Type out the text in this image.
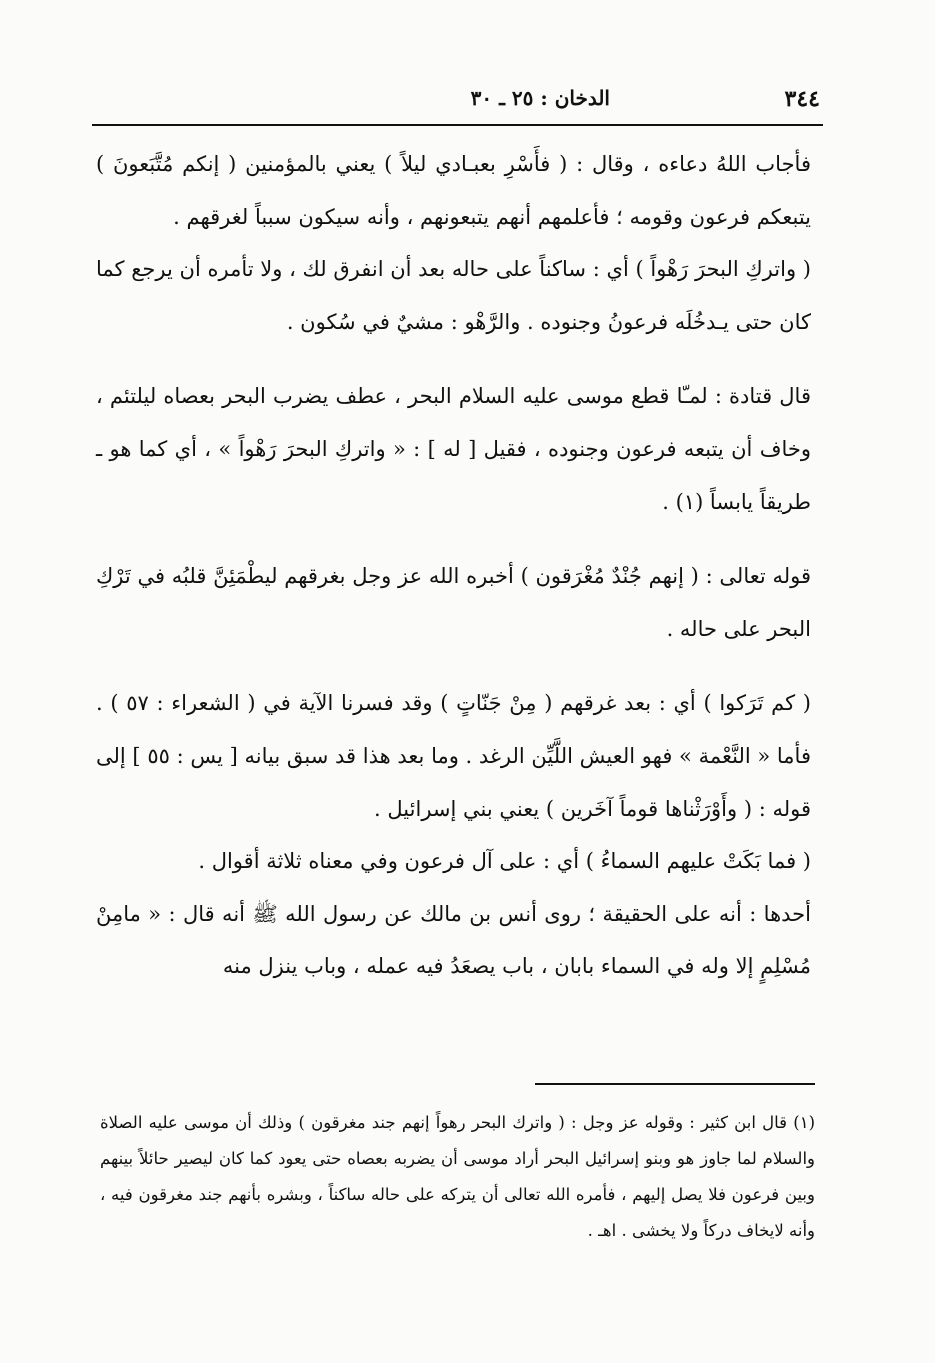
٣٤٤
الدخان : ٢٥ ـ ٣٠

فأجاب اللهُ دعاءه ، وقال : ( فأَسْرِ بعبـادي ليلاً ) يعني بالمؤمنين ( إنكم مُتَّبَعونَ ) يتبعكم فرعون وقومه ؛ فأعلمهم أنهم يتبعونهم ، وأنه سيكون سبباً لغرقهم .

( واتركِ البحرَ رَهْواً ) أي : ساكناً على حاله بعد أن انفرق لك ، ولا تأمره أن يرجع كما كان حتى يـدخُلَه فرعونُ وجنوده . والرَّهْو : مشيٌ في سُكون .

قال قتادة : لمـّا قطع موسى عليه السلام البحر ، عطف يضرب البحر بعصاه ليلتئم ، وخاف أن يتبعه فرعون وجنوده ، فقيل [ له ] : « واتركِ البحرَ رَهْواً » ، أي كما هو ـ طريقاً يابساً (١) .

قوله تعالى : ( إنهم جُنْدٌ مُغْرَقون ) أخبره الله عز وجل بغرقهم ليطْمَئِنَّ قلبُه في تَرْكِ البحر على حاله .

( كم تَرَكوا ) أي : بعد غرقهم ( مِنْ جَنّاتٍ ) وقد فسرنا الآية في ( الشعراء : ٥٧ ) . فأما « النَّعْمة » فهو العيش اللَّيِّن الرغد . وما بعد هذا قد سبق بيانه [ يس : ٥٥ ] إلى قوله : ( وأَوْرَثْناها قوماً آخَرين ) يعني بني إسرائيل .

( فما بَكَتْ عليهم السماءُ ) أي : على آل فرعون وفي معناه ثلاثة أقوال .

أحدها : أنه على الحقيقة ؛ روى أنس بن مالك عن رسول الله ﷺ أنه قال : « مامِنْ مُسْلِمٍ إلا وله في السماء بابان ، باب يصعَدُ فيه عمله ، وباب ينزل منه

(١) قال ابن كثير : وقوله عز وجل : ( واترك البحر رهواً إنهم جند مغرقون ) وذلك أن موسى عليه الصلاة والسلام لما جاوز هو وبنو إسرائيل البحر أراد موسى أن يضربه بعصاه حتى يعود كما كان ليصير حائلاً بينهم وبين فرعون فلا يصل إليهم ، فأمره الله تعالى أن يتركه على حاله ساكناً ، وبشره بأنهم جند مغرقون فيه ، وأنه لايخاف دركاً ولا يخشى . اهـ .
